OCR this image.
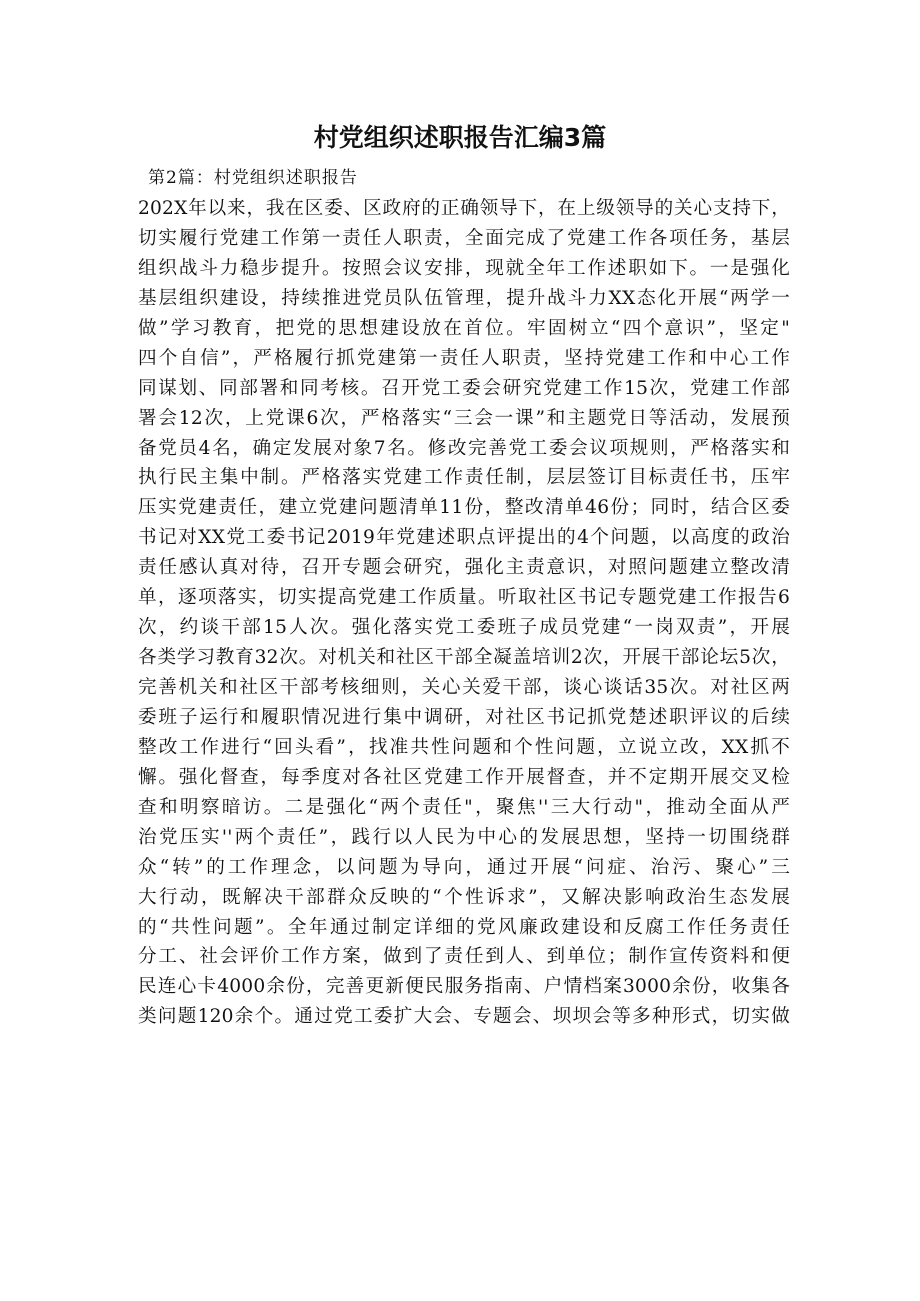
村党组织述职报告汇编3篇
第2篇：村党组织述职报告
202X年以来，我在区委、区政府的正确领导下，在上级领导的关心支持下，
切实履行党建工作第一责任人职责，全面完成了党建工作各项任务，基层
组织战斗力稳步提升。按照会议安排，现就全年工作述职如下。一是强化
基层组织建设，持续推进党员队伍管理，提升战斗力XX态化开展“两学一
做”学习教育，把党的思想建设放在首位。牢固树立“四个意识”，坚定"
四个自信”，严格履行抓党建第一责任人职责，坚持党建工作和中心工作
同谋划、同部署和同考核。召开党工委会研究党建工作15次，党建工作部
署会12次，上党课6次，严格落实“三会一课”和主题党日等活动，发展预
备党员4名，确定发展对象7名。修改完善党工委会议项规则，严格落实和
执行民主集中制。严格落实党建工作责任制，层层签订目标责任书，压牢
压实党建责任，建立党建问题清单11份，整改清单46份；同时，结合区委
书记对XX党工委书记2019年党建述职点评提出的4个问题，以高度的政治
责任感认真对待，召开专题会研究，强化主责意识，对照问题建立整改清
单，逐项落实，切实提高党建工作质量。听取社区书记专题党建工作报告6
次，约谈干部15人次。强化落实党工委班子成员党建“一岗双责”，开展
各类学习教育32次。对机关和社区干部全凝盖培训2次，开展干部论坛5次，
完善机关和社区干部考核细则，关心关爱干部，谈心谈话35次。对社区两
委班子运行和履职情况进行集中调研，对社区书记抓党楚述职评议的后续
整改工作进行“回头看”，找准共性问题和个性问题，立说立改，XX抓不
懈。强化督查，每季度对各社区党建工作开展督查，并不定期开展交叉检
查和明察暗访。二是强化“两个责任"，聚焦''三大行动"，推动全面从严
治党压实''两个责任”，践行以人民为中心的发展思想，坚持一切围绕群
众“转”的工作理念，以问题为导向，通过开展“问症、治污、聚心”三
大行动，既解决干部群众反映的“个性诉求”，又解决影响政治生态发展
的“共性问题”。全年通过制定详细的党风廉政建设和反腐工作任务责任
分工、社会评价工作方案，做到了责任到人、到单位；制作宣传资料和便
民连心卡4000余份，完善更新便民服务指南、户情档案3000余份，收集各
类问题120余个。通过党工委扩大会、专题会、坝坝会等多种形式，切实做
